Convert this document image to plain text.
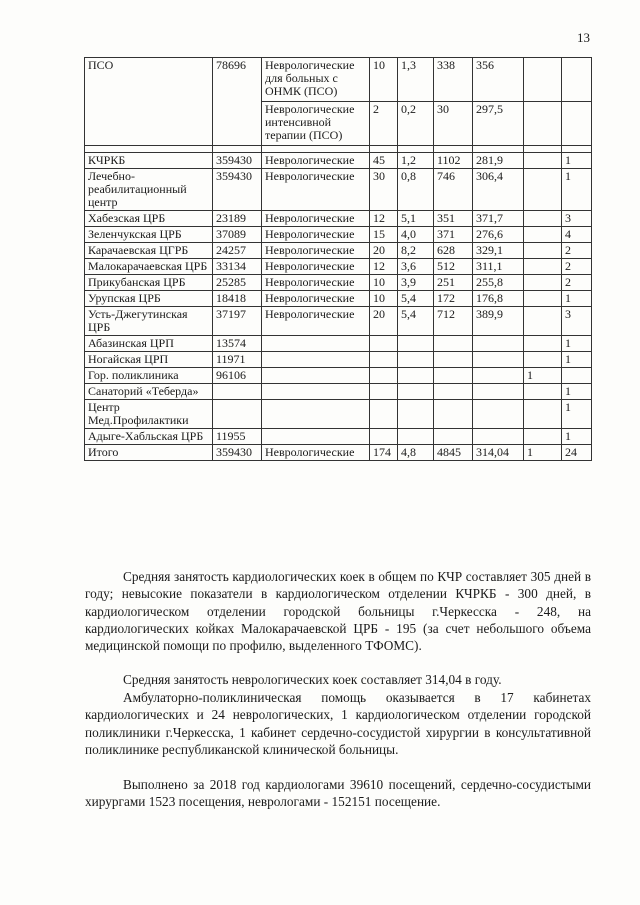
13
ПСО	78696	Неврологические для больных с ОНМК (ПСО)	10	1,3	338	356		
		Неврологические интенсивной терапии (ПСО)	2	0,2	30	297,5		

КЧРКБ	359430	Неврологические	45	1,2	1102	281,9		1
Лечебно-реабилитационный центр	359430	Неврологические	30	0,8	746	306,4		1
Хабезская ЦРБ	23189	Неврологические	12	5,1	351	371,7		3
Зеленчукская ЦРБ	37089	Неврологические	15	4,0	371	276,6		4
Карачаевская ЦГРБ	24257	Неврологические	20	8,2	628	329,1		2
Малокарачаевская ЦРБ	33134	Неврологические	12	3,6	512	311,1		2
Прикубанская ЦРБ	25285	Неврологические	10	3,9	251	255,8		2
Урупская ЦРБ	18418	Неврологические	10	5,4	172	176,8		1
Усть-Джегутинская ЦРБ	37197	Неврологические	20	5,4	712	389,9		3
Абазинская ЦРП	13574							1
Ногайская ЦРП	11971							1
Гор. поликлиника	96106						1	
Санаторий «Теберда»								1
Центр Мед.Профилактики								1
Адыге-Хабльская ЦРБ	11955							1
Итого	359430	Неврологические	174	4,8	4845	314,04	1	24

Средняя занятость кардиологических коек в общем по КЧР составляет 305 дней в году; невысокие показатели в кардиологическом отделении КЧРКБ - 300 дней, в кардиологическом отделении городской больницы г.Черкесска - 248, на кардиологических койках Малокарачаевской ЦРБ - 195 (за счет небольшого объема медицинской помощи по профилю, выделенного ТФОМС).

Средняя занятость неврологических коек составляет 314,04 в году.

Амбулаторно-поликлиническая помощь оказывается в 17 кабинетах кардиологических и 24 неврологических, 1 кардиологическом отделении городской поликлиники г.Черкесска, 1 кабинет сердечно-сосудистой хирургии в консультативной поликлинике республиканской клинической больницы.

Выполнено за 2018 год кардиологами 39610 посещений, сердечно-сосудистыми хирургами 1523 посещения, неврологами - 152151 посещение.
